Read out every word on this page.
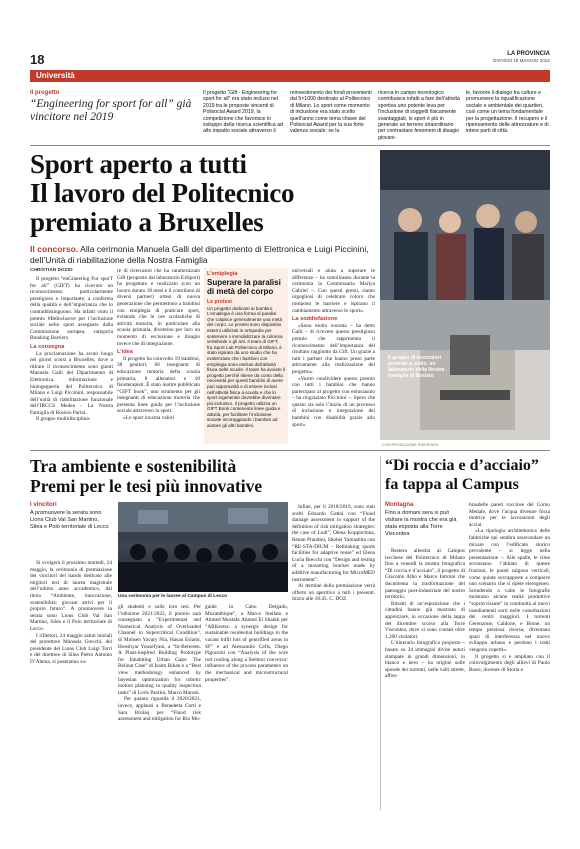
18	LA PROVINCIA
GIOVEDÌ 19 MAGGIO 2022
Università
Il progetto
“Engineering for sport for all” già vincitore nel 2019
Il progetto “Gift - Engineering for sport for all” era stato incluso nel 2019 tra le proposte vincenti di Polisocial Award 2019, la competizione che favorisce lo sviluppo della ricerca scientifica ad alto impatto sociale attraverso il
reinvestimento dei fondi provenienti dal 5×1000 destinato al Politecnico di Milano. Lo sport come momento di inclusione era stato scelto quell’anno come tema chiave del Polisocial Award per la sua forte valenza sociale: se la
ricerca in campo tecnologico contribuisce infatti a fare dell’attività sportiva uno potente leva per l’inclusione di soggetti fisicamente svantaggiati, lo sport è più in generale un terreno straordinario per contrastare fenomeni di disagio giovani-
le, favorire il dialogo tra culture e promuovere la riqualificazione sociale e ambientale dei quartieri, così come un tema fondamentale per la progettazione. Il recupero e il ripensamento delle attrezzature e di intere parti di città.
Sport aperto a tutti
Il lavoro del Politecnico
premiato a Bruxelles
Il concorso. Alla cerimonia Manuela Galli del dipartimento di Elettronica e Luigi Piccinini, dell’Unità di riabilitazione della Nostra Famiglia
Il gruppo di ricercatori premiati e, sotto, un laboratorio della Nostra Famiglia di Bosisio
CON PRODUZIONE RISERVATA
CHRISTIAN DOZIO

Il progetto “enGineering For sporT for all” (GIFT) ha ricevuto un riconoscimento particolarmente prestigioso e importante, a conferma della qualità e dell’importanza che lo contraddistinguono. Ha infatti vinto il premio #BeInclusive per l’inclusione sociale nello sport assegnato dalla Commissione europea, categoria Breaking Barriers.

La consegna

La proclamazione ha avuto luogo nei giorni scorsi a Bruxelles, dove a ritirare il riconoscimento sono giunti Manuela Galli del Dipartimento di Elettronica, informazione e bioingegneria del Politecnico di Milano e Luigi Piccinini, responsabile dell’unità di riabilitazione funzionale dell’IRCCS Medea - La Nostra Famiglia di Bosisio Parini.

Il gruppo multidisciplina-

re di ricercatori che ha caratterizzato Gift (proposto dal laboratorio E4Sport) ha progettato e realizzato (con un lavoro durato 18 mesi e il contributo di diversi partner) ortesi di nuova generazione che permettono a bambini con emiplegia di praticare sport, evitando che le ore scolastiche di attività motoria, in particolare alla scuola primaria, diventino per loro un momento di esclusione e disagio invece che di integrazione.

L’idea

Il progetto ha coinvolto 19 bambini, 38 genitori, 60 insegnanti di educazione motoria della scuola primaria, 8 allenatori e 10 fisioterapisti. È stato inoltre pubblicato “GIFT book”, uno strumento per gli insegnanti di educazione motoria che presenta linee guida per l’inclusione sociale attraverso lo sport.

«Lo sport incarna valori

L’emiplegia
Superare la paralisi di metà del corpo
Le protesi
Un progetto dedicato ai bambini. L’emiplegia è una forma di paralisi che colpisce generalmente una metà del corpo. Le protesi sono dispositivi esterni utilizzati in ortopedia per sostenere o immobilizzare la colonna vertebrale o gli arti. Il team di GIFT, fra Sport Lab Politecnico di Milano, è stato ispirato da uno studio che ha evidenziato che i bambini con emiplegia sono esclusi dall’attività fisica nelle scuole. Il team ha avviato il progetto perché ritiene da conto della necessità per questi bambini di avere pari opportunità e di essere inclusi nell’attività fisica a scuola e che lo sport ingenerale dovrebbe diventare più inclusivo. Il progetto utilizza un GIFT Book contenente linee guida e attività, per facilitare l’inclusione sociale incoraggiando i bambini ad aiutare gli altri bambini.

universali e aiuta a superare le differenze – ha sottolineato durante la cerimonia la Commissaria Mariya Gabriel –. Con questi premi, siamo orgogliosi di celebrare coloro che rompono le barriere e ispirano il cambiamento attraverso lo sport».

La soddisfazione

«Sono molto onorata – ha detto Galli – di ricevere questo prestigioso premio che rappresenta il riconoscimento dell’importanza del risultato raggiunto da Gift. Un grazie a tutti i partner che hanno preso parte attivamente alla realizzazione del progetto».

«Vorrei condividere questo premio con tutti i bambini che hanno partecipato al progetto con entusiasmo – ha ringraziato Piccinini –. Spero che questo sia solo l’inizio di un processo di inclusione e integrazione dei bambini con disabilità grazie allo sport».

Tra ambiente e sostenibilità
Premi per le tesi più innovative
I vincitori
A promuovere la serata sono Lions Club Val San Martino, Silea e Polo territoriale di Lecco

Si svolgerà il prossimo martedì, 24 maggio, la cerimonia di premiazione dei vincitori del bando dedicato alle migliori tesi di laurea magistrale dell’ultimo anno accademico, dal titolo “Ambiente, innovazione, sostenibilità: giovani attivi per il proprio futuro”. A promuovere la serata sono Lions Club Val San Martino, Silea e il Polo territoriale di Lecco.

I riflettori, 24 maggio saluti iniziali del prorettore Manuela Grecchi, del presidente del Lions Club Luigi Torri e del direttore di Silea Pietro Antonio D’Alema, si poseranno su-

Una cerimonia per le lauree al Campus di Lecco

gli studenti e sulle loro tesi. Per l’edizione 2021/2022, il premio sarà consegnato a “Experimental and Numerical Analysis of Overloaded Channel in Supercritical Condition”, di Mohsen Yavary Nia, Hasan Eslami, Hooshyar Yousefyani, a “In-Between. A Plant-inspired Building Prototype for Inhabiting Urban Gaps: The Belinut Case” di Isalm Rihan e a “Best view methodology enhanced by bayesian optimization for robotic motion planning in quality inspection tasks” di Loris Paolini, Marco Maroni.

Per quanto riguarda il 2020/2021, invece, applausi a Benedetta Corti e Sara Brolaq per “Flood risk assessment and mitigation for Rio Mu-

guide in Cabo Delgado, Mozambique”, a Marco Stellato e Ahmed Mostafa Ahmed El Shaikh per “ARKestra: a synergic design for sustainable residential buildings in the vacant infill lots of gentrified areas in SF” e ad Alessandro Cefis, Diego Pigozzini con “Analysis of the wire rod cooling along a Stelmor conveyor: influence of the process parameters on the mechanical and microstructural properties”.

Infine, per il 2018/2019, sono stati scelti Edoardo Gattai con “Flood damage assessment in support of the definition of risk mitigation strategies: the case of Lodi”, Olena Koppitchina, Renan Prandini, Shohei Yamashita con “RE-STA-DIUM - Rethinking sports facilities for adaptive reuse” ed Elena Lucia Brecchi con “Design and testing of a mounting bracket made by additive manufacturing for MicroMED instrument”.

Al termine della premiazione verrà offerto un aperitivo a tutti i presenti. Inizio alle 18.45. C. DOZ.

“Di roccia e d’acciaio”
fa tappa al Campus
Montagna
Fino a domani sera si può visitare la mostra che era già stata esposta alla Torre Viscontea

Restera allestita al Campus lecchese del Politecnico di Milano fino a venerdì la mostra fotografica “Di roccia e d’acciaio”, il progetto di Giacomo Albo e Marco Introini che documenta la trasformazione del paesaggio post-industriale del nostro territorio.

Ritratti di un’esposizione che i cittadini hanno già mostrato di apprezzare, in occasione della tappa del dicembre scorso alla Torre Viscontea, dove si sono contati oltre 1.200 visitatori.

L’itinerario fotografico proposto – basato su 34 immagini divise autori stampate in grandi dimensioni, in bianco e nero – ha origine sulle sponde dei torrenti, nelle valli strette, affon-

brasdelle pareti rocciose del Corno Medale, dove l’acqua divenne forza motrice per le lavorazioni degli acciai.

«La tipologia architettonica delle fabbriche qui sembra assecondare un mixare con l’edificato storico prevalente – si legge nella presentazione –. Alle spalle, le cime sovrastano l’abitato di queste frazioni, le pareti salgono verticali, come quinte sovrapposte a comporre uno scenario che si ripete elerogeneo. Scendendo a valle le fotografie mostrano alcune realtà produttive “sopravvissute” in continuità ai nuovi insediamenti sorti nelle conurbazioni dei centri maggiori. I torrenti Gerenzone, Caldone, e Bione, un tempo preziosa risorsa, diventano spazi di interferenza nel nuovo sviluppo urbano e perdono i tratti vengono coperti».

Il progetto si è ampliato con il coinvolgimento degli allievi di Paolo Bossi, docente di Storia e
